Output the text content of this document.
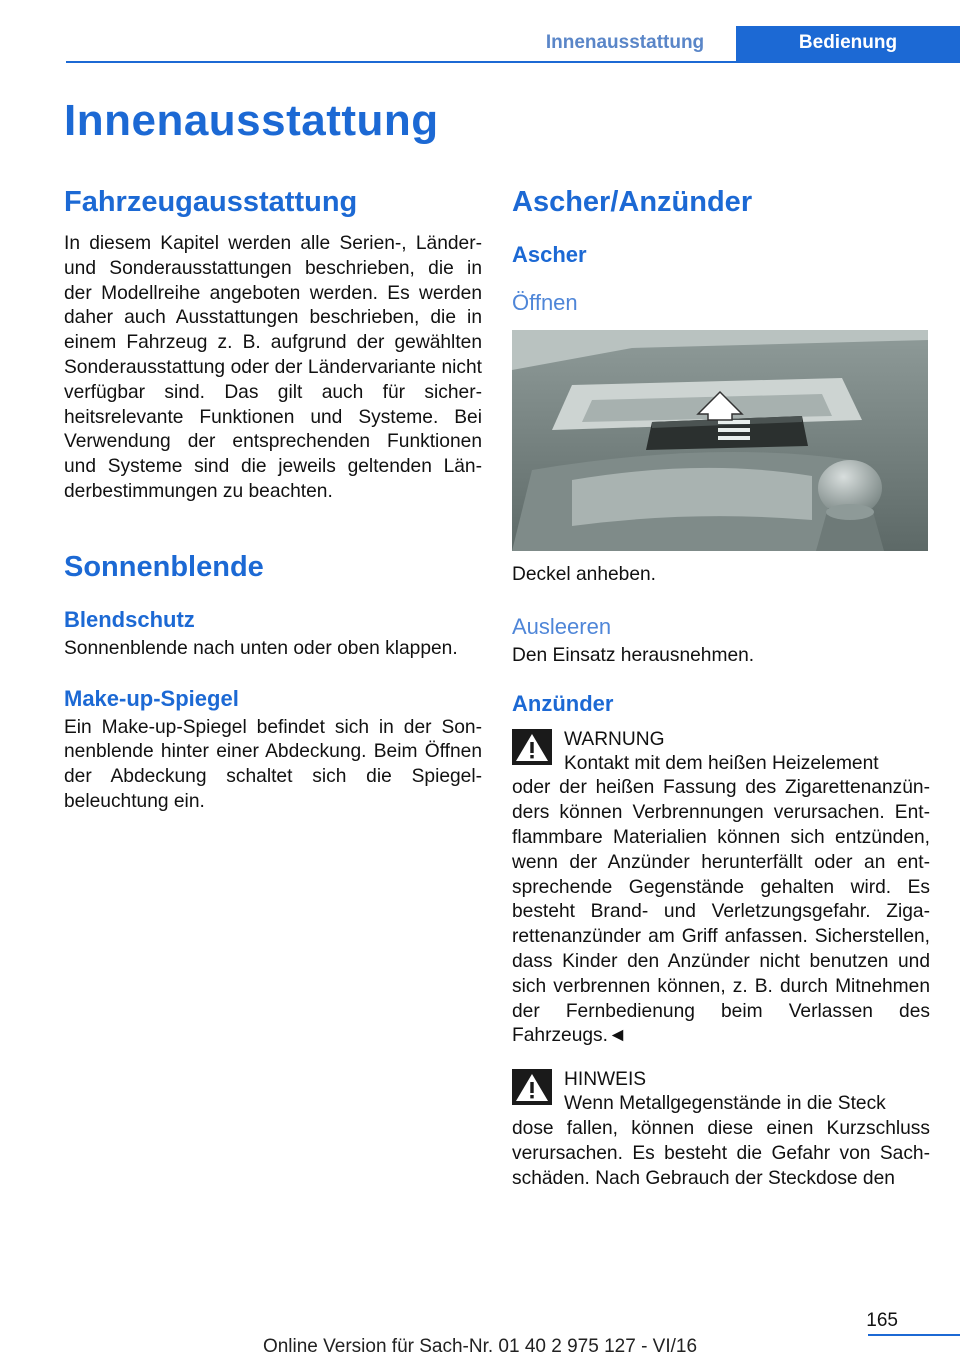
Innenausstattung	Bedienung
Innenausstattung
Fahrzeugausstattung

In diesem Kapitel werden alle Serien-, Länder- und Sonderausstattungen beschrieben, die in der Modellreihe angeboten werden. Es werden daher auch Ausstattungen beschrieben, die in einem Fahrzeug z. B. aufgrund der gewählten Sonderausstattung oder der Ländervariante nicht verfügbar sind. Das gilt auch für sicherheitsrelevante Funktionen und Systeme. Bei Verwendung der entsprechenden Funktionen und Systeme sind die jeweils geltenden Länderbestimmungen zu beachten.

Sonnenblende
Blendschutz

Sonnenblende nach unten oder oben klappen.

Make-up-Spiegel

Ein Make-up-Spiegel befindet sich in der Sonnenblende hinter einer Abdeckung. Beim Öffnen der Abdeckung schaltet sich die Spiegelbeleuchtung ein.

Ascher/Anzünder
Ascher
Öffnen

Deckel anheben.

Ausleeren

Den Einsatz herausnehmen.

Anzünder

WARNUNG

Kontakt mit dem heißen Heizelement

oder der heißen Fassung des Zigarettenanzünders können Verbrennungen verursachen. Entflammbare Materialien können sich entzünden, wenn der Anzünder herunterfällt oder an entsprechende Gegenstände gehalten wird. Es besteht Brand- und Verletzungsgefahr. Zigarettenanzünder am Griff anfassen. Sicherstellen, dass Kinder den Anzünder nicht benutzen und sich verbrennen können, z. B. durch Mitnehmen der Fernbedienung beim Verlassen des Fahrzeugs.◄

HINWEIS

Wenn Metallgegenstände in die Steck

dose fallen, können diese einen Kurzschluss verursachen. Es besteht die Gefahr von Sachschäden. Nach Gebrauch der Steckdose den

165
Online Version für Sach-Nr. 01 40 2 975 127 - VI/16
